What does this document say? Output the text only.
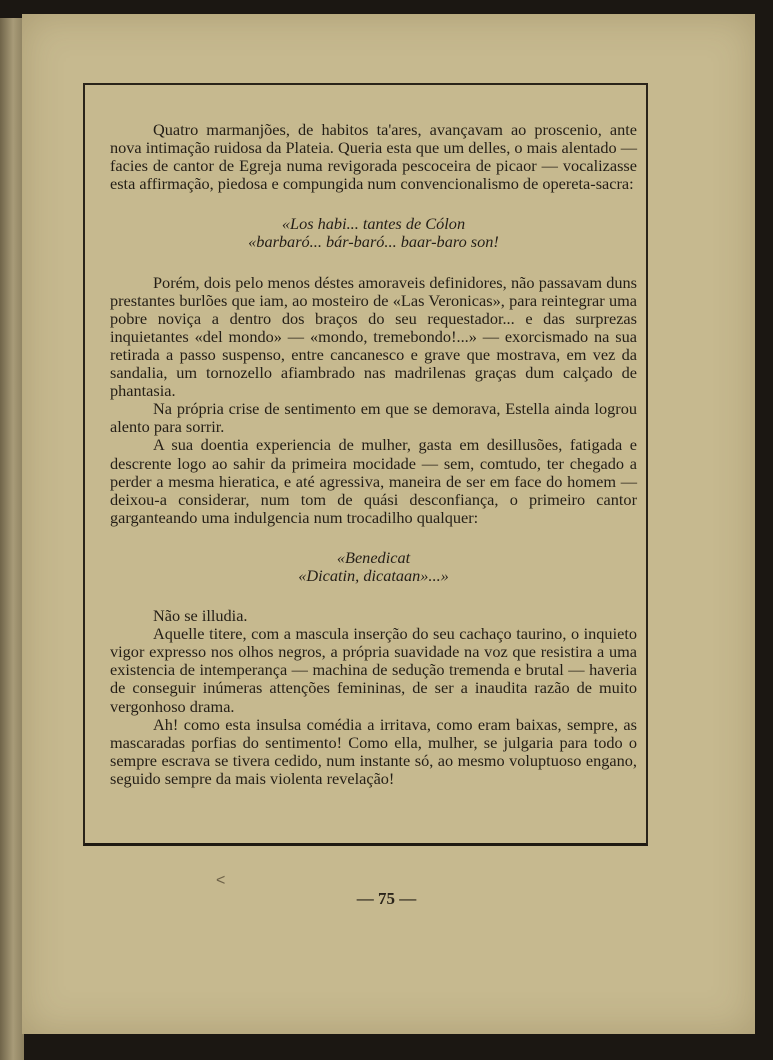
Quatro marmanjões, de habitos ta'ares, avançavam ao proscenio, ante nova intimação ruidosa da Plateia. Queria esta que um delles, o mais alentado — facies de cantor de Egreja numa revigorada pescoceira de picaor — vocalizasse esta affirmação, piedosa e compungida num convencionalismo de opereta-sacra:

«Los habi... tantes de Cólon

«barbaró... bár-baró... baar-baro son!

Porém, dois pelo menos déstes amoraveis definidores, não passavam duns prestantes burlões que iam, ao mosteiro de «Las Veronicas», para reintegrar uma pobre noviça a dentro dos braços do seu requestador... e das surprezas inquietantes «del mondo» — «mondo, tremebondo!...» — exorcismado na sua retirada a passo suspenso, entre cancanesco e grave que mostrava, em vez da sandalia, um tornozello afiambrado nas madrilenas graças dum calçado de phantasia.

Na própria crise de sentimento em que se demorava, Estella ainda logrou alento para sorrir.

A sua doentia experiencia de mulher, gasta em desillusões, fatigada e descrente logo ao sahir da primeira mocidade — sem, comtudo, ter chegado a perder a mesma hieratica, e até agressiva, maneira de ser em face do homem — deixou-a considerar, num tom de quási desconfiança, o primeiro cantor garganteando uma indulgencia num trocadilho qualquer:

«Benedicat

«Dicatin, dicataan»...»

Não se illudia.

Aquelle titere, com a mascula inserção do seu cachaço taurino, o inquieto vigor expresso nos olhos negros, a própria suavidade na voz que resistira a uma existencia de intemperança — machina de sedução tremenda e brutal — haveria de conseguir inúmeras attenções femininas, de ser a inaudita razão de muito vergonhoso drama.

Ah! como esta insulsa comédia a irritava, como eram baixas, sempre, as mascaradas porfias do sentimento! Como ella, mulher, se julgaria para todo o sempre escrava se tivera cedido, num instante só, ao mesmo voluptuoso engano, seguido sempre da mais violenta revelação!

<
— 75 —
